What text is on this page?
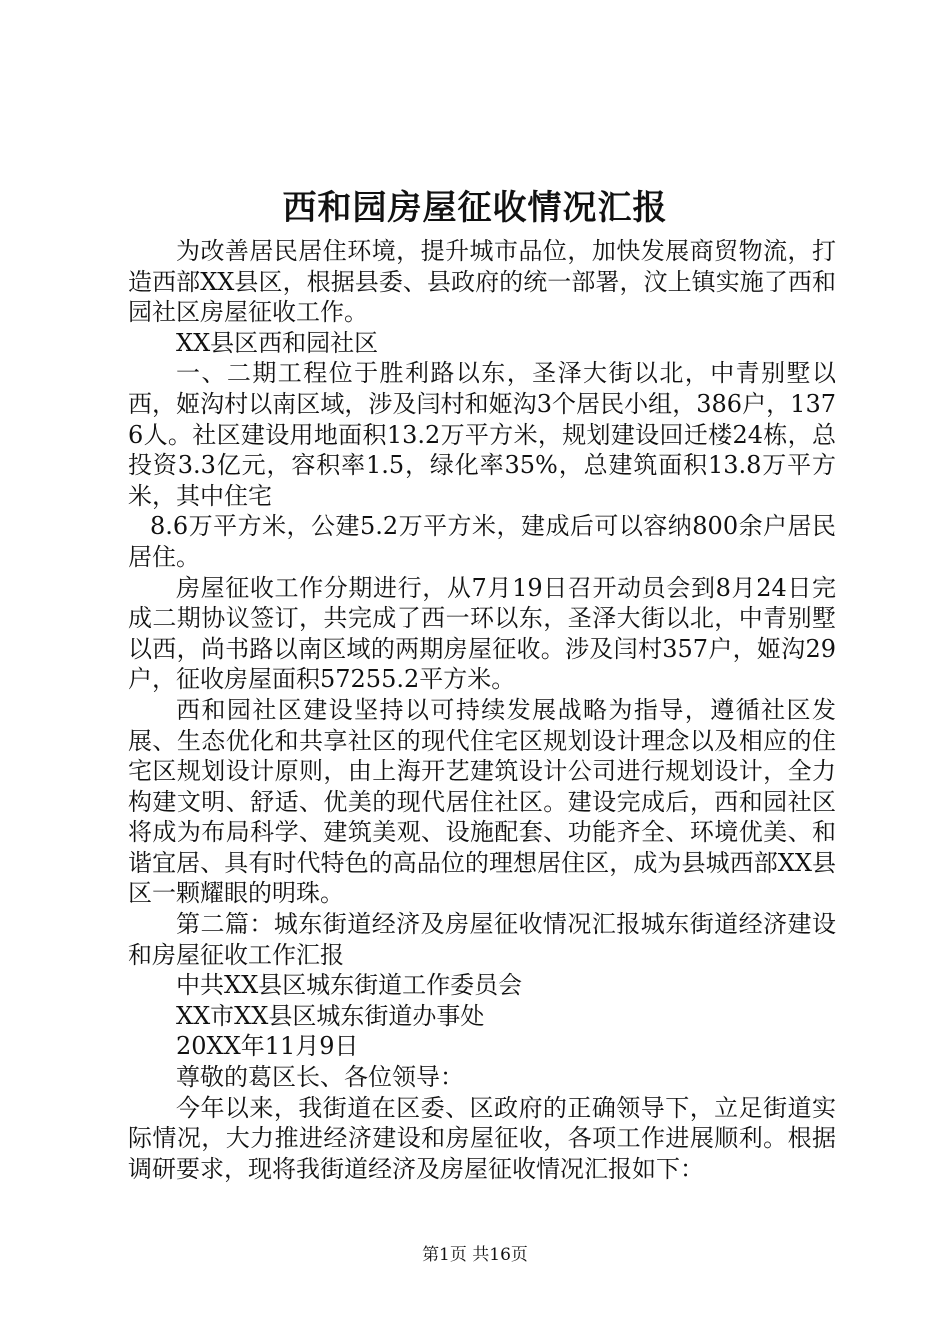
西和园房屋征收情况汇报

为改善居民居住环境，提升城市品位，加快发展商贸物流，打造西部XX县区，根据县委、县政府的统一部署，汶上镇实施了西和园社区房屋征收工作。

XX县区西和园社区

一、二期工程位于胜利路以东，圣泽大街以北，中青别墅以西，姬沟村以南区域，涉及闫村和姬沟3个居民小组，386户，1376人。社区建设用地面积13.2万平方米，规划建设回迁楼24栋，总投资3.3亿元，容积率1.5，绿化率35%，总建筑面积13.8万平方米，其中住宅

8.6万平方米，公建5.2万平方米，建成后可以容纳800余户居民居住。

房屋征收工作分期进行，从7月19日召开动员会到8月24日完成二期协议签订，共完成了西一环以东，圣泽大街以北，中青别墅以西，尚书路以南区域的两期房屋征收。涉及闫村357户，姬沟29户，征收房屋面积57255.2平方米。

西和园社区建设坚持以可持续发展战略为指导，遵循社区发展、生态优化和共享社区的现代住宅区规划设计理念以及相应的住宅区规划设计原则，由上海开艺建筑设计公司进行规划设计，全力构建文明、舒适、优美的现代居住社区。建设完成后，西和园社区将成为布局科学、建筑美观、设施配套、功能齐全、环境优美、和谐宜居、具有时代特色的高品位的理想居住区，成为县城西部XX县区一颗耀眼的明珠。

第二篇：城东街道经济及房屋征收情况汇报城东街道经济建设和房屋征收工作汇报

中共XX县区城东街道工作委员会

XX市XX县区城东街道办事处

20XX年11月9日

尊敬的葛区长、各位领导：

今年以来，我街道在区委、区政府的正确领导下，立足街道实际情况，大力推进经济建设和房屋征收，各项工作进展顺利。根据调研要求，现将我街道经济及房屋征收情况汇报如下：

第1页 共16页
